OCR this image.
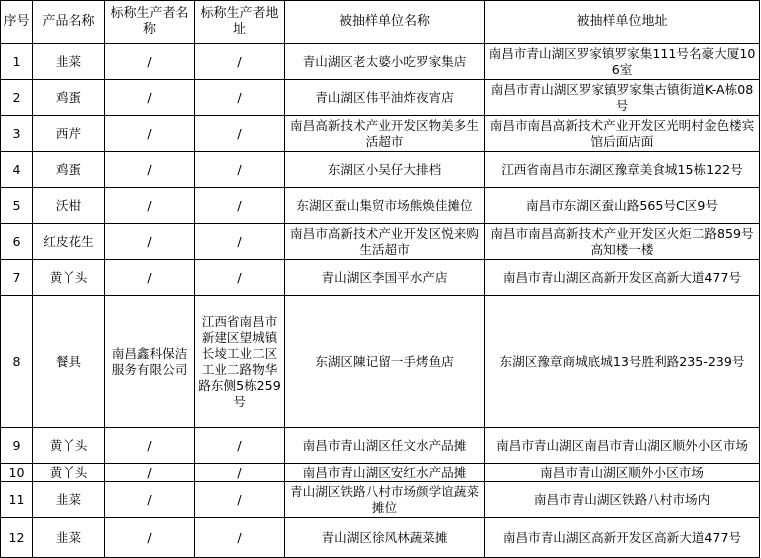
序号	产品名称	标称生产者名称	标称生产者地址	被抽样单位名称	被抽样单位地址
1	韭菜	/	/	青山湖区老太婆小吃罗家集店	南昌市青山湖区罗家镇罗家集111号名豪大厦106室
2	鸡蛋	/	/	青山湖区伟平油炸夜宵店	南昌市青山湖区罗家镇罗家集古镇街道K-A栋08号
3	西芹	/	/	南昌高新技术产业开发区物美多生活超市	南昌市南昌高新技术产业开发区光明村金色楼宾馆后面店面
4	鸡蛋	/	/	东湖区小吴仔大排档	江西省南昌市东湖区豫章美食城15栋122号
5	沃柑	/	/	东湖区蚕山集贸市场熊焕佳摊位	南昌市东湖区蚕山路565号C区9号
6	红皮花生	/	/	南昌市高新技术产业开发区悦来购生活超市	南昌市南昌高新技术产业开发区火炬二路859号高知楼一楼
7	黄丫头	/	/	青山湖区李国平水产店	南昌市青山湖区高新开发区高新大道477号
8	餐具	南昌鑫科保洁服务有限公司	江西省南昌市新建区望城镇长堎工业二区工业二路物华路东侧5栋259号	东湖区陳记留一手烤鱼店	东湖区豫章商城底城13号胜利路235-239号
9	黄丫头	/	/	南昌市青山湖区任文水产品摊	南昌市青山湖区南昌市青山湖区顺外小区市场
10	黄丫头	/	/	南昌市青山湖区安红水产品摊	南昌市青山湖区顺外小区市场
11	韭菜	/	/	青山湖区铁路八村市场颜学谊蔬菜摊位	南昌市青山湖区铁路八村市场内
12	韭菜	/	/	青山湖区徐风林蔬菜摊	南昌市青山湖区高新开发区高新大道477号
